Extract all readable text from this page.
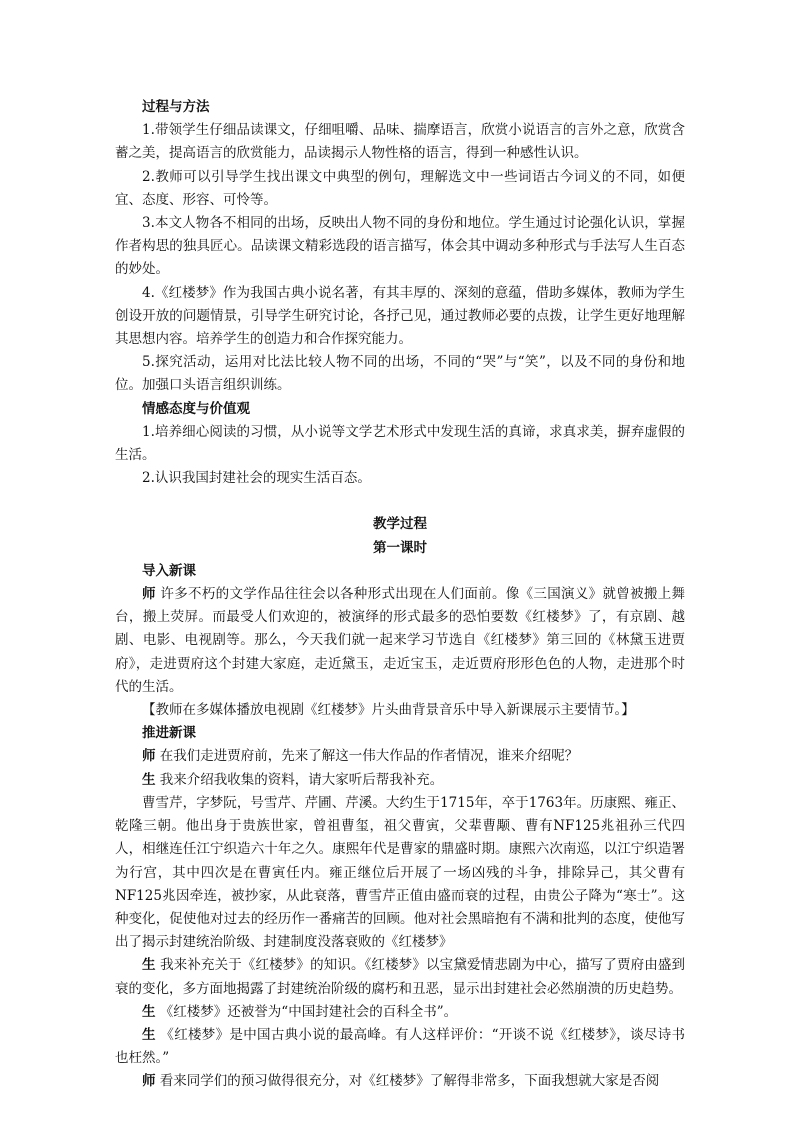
过程与方法

1.带领学生仔细品读课文，仔细咀嚼、品味、揣摩语言，欣赏小说语言的言外之意，欣赏含蓄之美，提高语言的欣赏能力，品读揭示人物性格的语言，得到一种感性认识。

2.教师可以引导学生找出课文中典型的例句，理解选文中一些词语古今词义的不同，如便宜、态度、形容、可怜等。

3.本文人物各不相同的出场，反映出人物不同的身份和地位。学生通过讨论强化认识，掌握作者构思的独具匠心。品读课文精彩选段的语言描写，体会其中调动多种形式与手法写人生百态的妙处。

4.《红楼梦》作为我国古典小说名著，有其丰厚的、深刻的意蕴，借助多媒体，教师为学生创设开放的问题情景，引导学生研究讨论，各抒己见，通过教师必要的点拨，让学生更好地理解其思想内容。培养学生的创造力和合作探究能力。

5.探究活动，运用对比法比较人物不同的出场，不同的“哭”与“笑”，以及不同的身份和地位。加强口头语言组织训练。

情感态度与价值观

1.培养细心阅读的习惯，从小说等文学艺术形式中发现生活的真谛，求真求美，摒弃虚假的生活。

2.认识我国封建社会的现实生活百态。

教学过程
第一课时
导入新课

师 许多不朽的文学作品往往会以各种形式出现在人们面前。像《三国演义》就曾被搬上舞台，搬上荧屏。而最受人们欢迎的，被演绎的形式最多的恐怕要数《红楼梦》了，有京剧、越剧、电影、电视剧等。那么，今天我们就一起来学习节选自《红楼梦》第三回的《林黛玉进贾府》，走进贾府这个封建大家庭，走近黛玉，走近宝玉，走近贾府形形色色的人物，走进那个时代的生活。

【教师在多媒体播放电视剧《红楼梦》片头曲背景音乐中导入新课展示主要情节。】

推进新课

师 在我们走进贾府前，先来了解这一伟大作品的作者情况，谁来介绍呢？

生 我来介绍我收集的资料，请大家听后帮我补充。

曹雪芹，字梦阮，号雪芹、芹圃、芹溪。大约生于1715年，卒于1763年。历康熙、雍正、乾隆三朝。他出身于贵族世家，曾祖曹玺，祖父曹寅，父辈曹颙、曹有NF125兆祖孙三代四人，相继连任江宁织造六十年之久。康熙年代是曹家的鼎盛时期。康熙六次南巡，以江宁织造署为行宫，其中四次是在曹寅任内。雍正继位后开展了一场凶残的斗争，排除异己，其父曹有NF125兆因牵连，被抄家，从此衰落，曹雪芹正值由盛而衰的过程，由贵公子降为“寒士”。这种变化，促使他对过去的经历作一番痛苦的回顾。他对社会黑暗抱有不满和批判的态度，使他写出了揭示封建统治阶级、封建制度没落衰败的《红楼梦》

生 我来补充关于《红楼梦》的知识。《红楼梦》以宝黛爱情悲剧为中心，描写了贾府由盛到衰的变化，多方面地揭露了封建统治阶级的腐朽和丑恶，显示出封建社会必然崩溃的历史趋势。

生 《红楼梦》还被誉为“中国封建社会的百科全书”。

生 《红楼梦》是中国古典小说的最高峰。有人这样评价：“开谈不说《红楼梦》，谈尽诗书也枉然。”

师 看来同学们的预习做得很充分，对《红楼梦》了解得非常多，下面我想就大家是否阅
